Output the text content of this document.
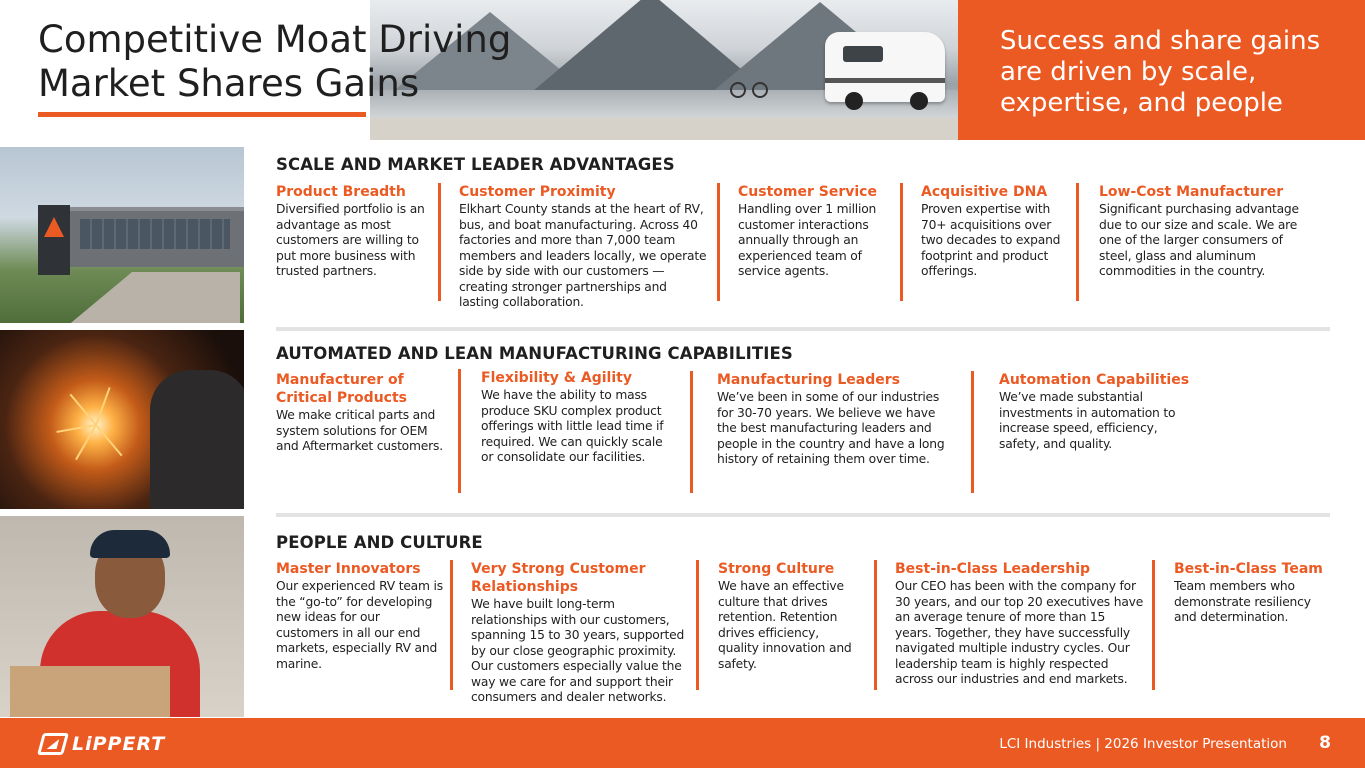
Success and share gains are driven by scale, expertise, and people

Competitive Moat Driving
Market Shares Gains
SCALE AND MARKET LEADER ADVANTAGES
Product Breadth

Diversified portfolio is an advantage as most customers are willing to put more business with trusted partners.

Customer Proximity

Elkhart County stands at the heart of RV, bus, and boat manufacturing. Across 40 factories and more than 7,000 team members and leaders locally, we operate side by side with our customers — creating stronger partnerships and lasting collaboration.

Customer Service

Handling over 1 million customer interactions annually through an experienced team of service agents.

Acquisitive DNA

Proven expertise with 70+ acquisitions over two decades to expand footprint and product offerings.

Low-Cost Manufacturer

Significant purchasing advantage due to our size and scale. We are one of the larger consumers of steel, glass and aluminum commodities in the country.

AUTOMATED AND LEAN MANUFACTURING CAPABILITIES
Manufacturer of Critical Products

We make critical parts and system solutions for OEM and Aftermarket customers.

Flexibility & Agility

We have the ability to mass produce SKU complex product offerings with little lead time if required. We can quickly scale or consolidate our facilities.

Manufacturing Leaders

We’ve been in some of our industries for 30-70 years. We believe we have the best manufacturing leaders and people in the country and have a long history of retaining them over time.

Automation Capabilities

We’ve made substantial investments in automation to increase speed, efficiency, safety, and quality.

PEOPLE AND CULTURE
Master Innovators

Our experienced RV team is the “go-to” for developing new ideas for our customers in all our end markets, especially RV and marine.

Very Strong Customer Relationships

We have built long-term relationships with our customers, spanning 15 to 30 years, supported by our close geographic proximity. Our customers especially value the way we care for and support their consumers and dealer networks.

Strong Culture

We have an effective culture that drives retention. Retention drives efficiency, quality innovation and safety.

Best-in-Class Leadership

Our CEO has been with the company for 30 years, and our top 20 executives have an average tenure of more than 15 years. Together, they have successfully navigated multiple industry cycles. Our leadership team is highly respected across our industries and end markets.

Best-in-Class Team

Team members who demonstrate resiliency and determination.

LiPPERT	LCI Industries | 2026 Investor Presentation 8
